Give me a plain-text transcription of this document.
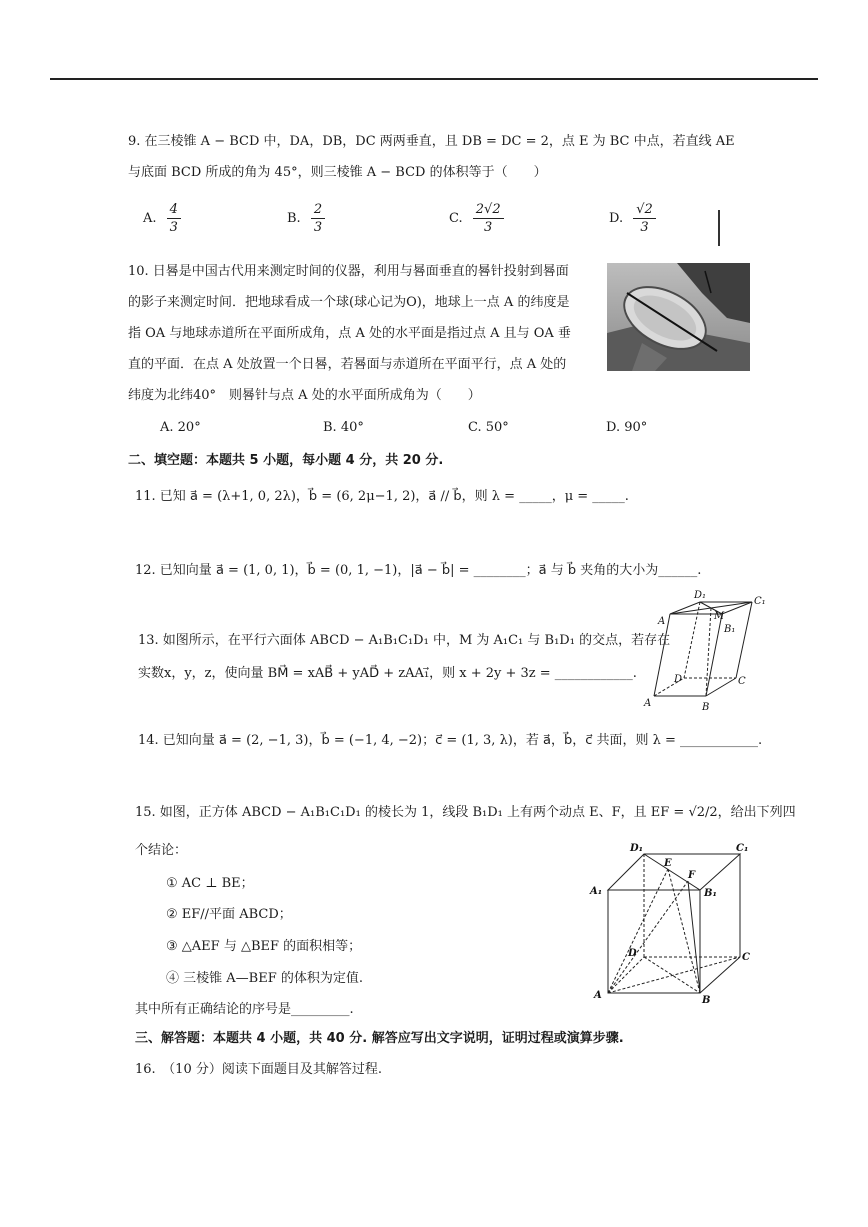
9. 在三棱锥 A − BCD 中，DA，DB，DC 两两垂直，且 DB = DC = 2，点 E 为 BC 中点，若直线 AE
与底面 BCD 所成的角为 45°，则三棱锥 A − BCD 的体积等于（　　）
A. $\frac{4}{3}$	B. $\frac{2}{3}$	C. $\frac{2√2}{3}$	D. $\frac{√2}{3}$
10. 日晷是中国古代用来测定时间的仪器，利用与晷面垂直的晷针投射到晷面
的影子来测定时间．把地球看成一个球(球心记为O)，地球上一点 A 的纬度是
指 OA 与地球赤道所在平面所成角，点 A 处的水平面是指过点 A 且与 OA 垂
直的平面．在点 A 处放置一个日晷，若晷面与赤道所在平面平行，点 A 处的
纬度为北纬40°　则晷针与点 A 处的水平面所成角为（　　）
A. 20°	B. 40°	C. 50°	D. 90°
二、填空题：本题共 5 小题，每小题 4 分，共 20 分.
11. 已知 a⃗ = (λ+1, 0, 2λ)，b⃗ = (6, 2μ−1, 2)，a⃗ // b⃗，则 λ = _____，μ = _____.
12. 已知向量 a⃗ = (1, 0, 1)，b⃗ = (0, 1, −1)，|a⃗ − b⃗| = ________；a⃗ 与 b⃗ 夹角的大小为______.
13. 如图所示，在平行六面体 ABCD − A₁B₁C₁D₁ 中，M 为 A₁C₁ 与 B₁D₁ 的交点，若存在
实数x，y，z，使向量 BM⃗ = xAB⃗ + yAD⃗ + zAA₁⃗，则 x + 2y + 3z = ____________.
D₁
C₁
A	M
B₁
D	C
A	B
14. 已知向量 a⃗ = (2, −1, 3)，b⃗ = (−1, 4, −2)；c⃗ = (1, 3, λ)，若 a⃗，b⃗，c⃗ 共面，则 λ = ____________.
15. 如图，正方体 ABCD − A₁B₁C₁D₁ 的棱长为 1，线段 B₁D₁ 上有两个动点 E、F，且 EF = √2/2，给出下列四
个结论：
① AC ⊥ BE；
② EF//平面 ABCD；
③ △AEF 与 △BEF 的面积相等；
④ 三棱锥 A—BEF 的体积为定值.
其中所有正确结论的序号是_________.
D₁
E
C₁
F
A₁	B₁
D	C
A	B
三、解答题：本题共 4 小题，共 40 分. 解答应写出文字说明，证明过程或演算步骤.
16.　（10 分）阅读下面题目及其解答过程.
